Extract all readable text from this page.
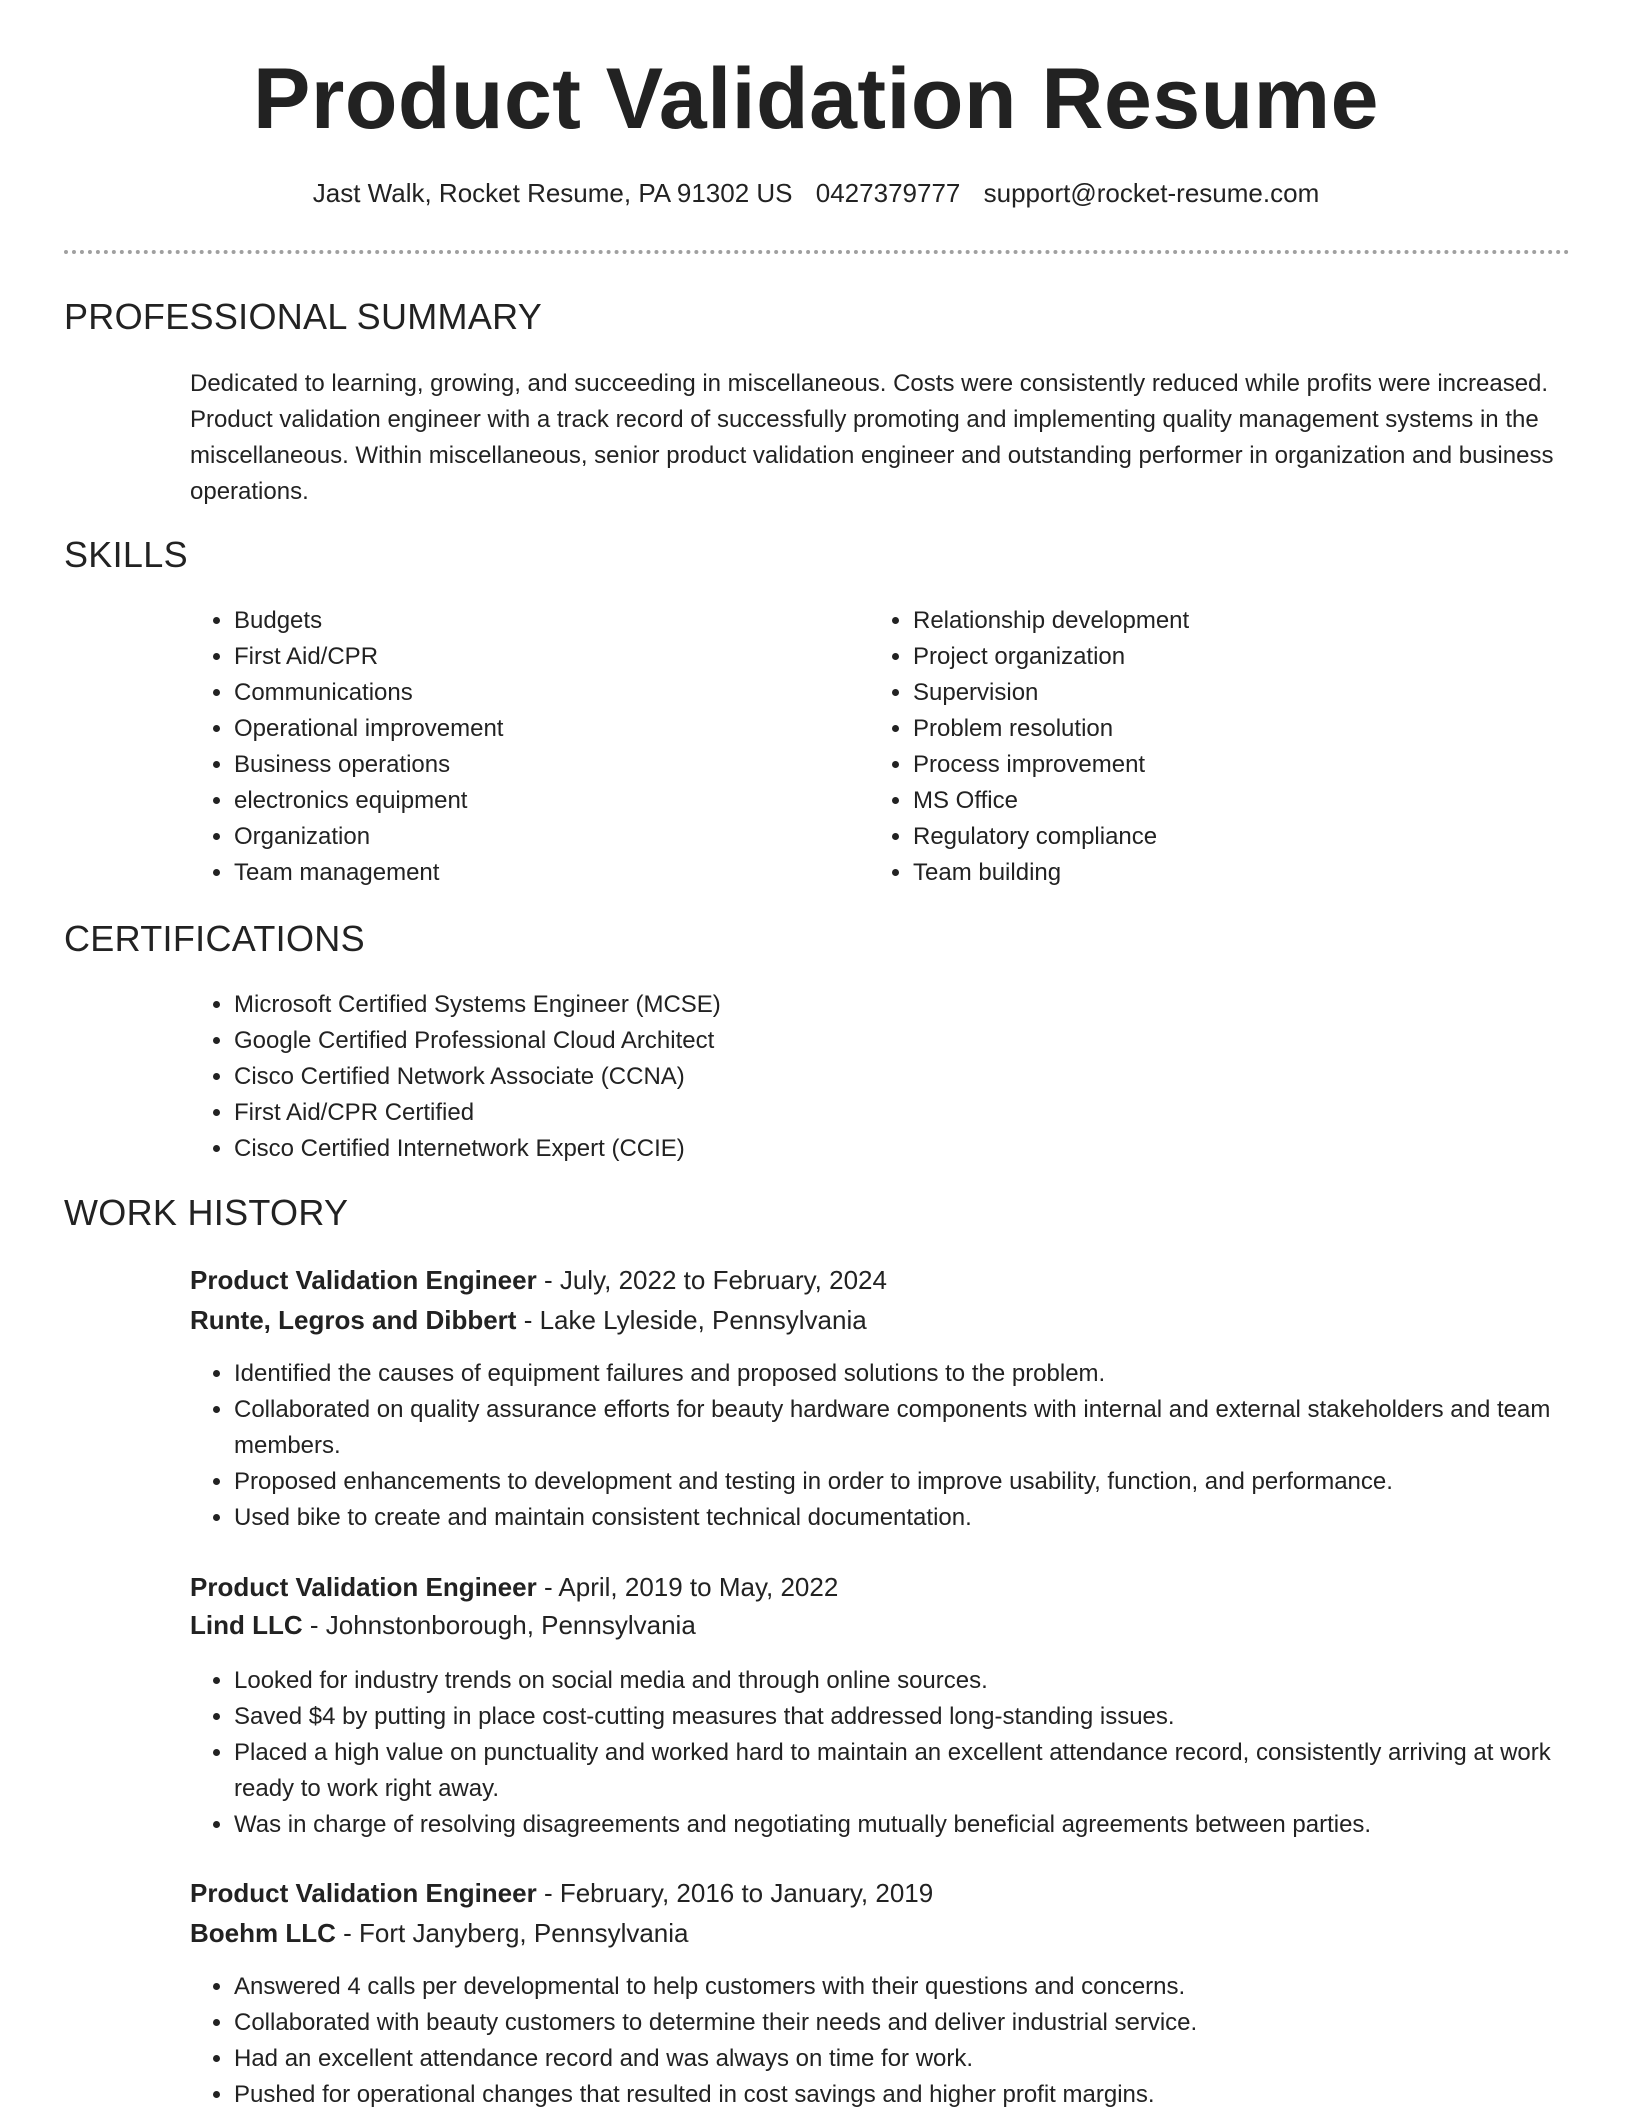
Product Validation Resume
Jast Walk, Rocket Resume, PA 91302 US 0427379777 support@rocket-resume.com
PROFESSIONAL SUMMARY

Dedicated to learning, growing, and succeeding in miscellaneous. Costs were consistently reduced while profits were increased. Product validation engineer with a track record of successfully promoting and implementing quality management systems in the miscellaneous. Within miscellaneous, senior product validation engineer and outstanding performer in organization and business operations.

SKILLS
• Budgets
• First Aid/CPR
• Communications
• Operational improvement
• Business operations
• electronics equipment
• Organization
• Team management
• Relationship development
• Project organization
• Supervision
• Problem resolution
• Process improvement
• MS Office
• Regulatory compliance
• Team building
CERTIFICATIONS
• Microsoft Certified Systems Engineer (MCSE)
• Google Certified Professional Cloud Architect
• Cisco Certified Network Associate (CCNA)
• First Aid/CPR Certified
• Cisco Certified Internetwork Expert (CCIE)
WORK HISTORY
Product Validation Engineer - July, 2022 to February, 2024
Runte, Legros and Dibbert - Lake Lyleside, Pennsylvania
• Identified the causes of equipment failures and proposed solutions to the problem.
• Collaborated on quality assurance efforts for beauty hardware components with internal and external stakeholders and team members.
• Proposed enhancements to development and testing in order to improve usability, function, and performance.
• Used bike to create and maintain consistent technical documentation.
Product Validation Engineer - April, 2019 to May, 2022
Lind LLC - Johnstonborough, Pennsylvania
• Looked for industry trends on social media and through online sources.
• Saved $4 by putting in place cost-cutting measures that addressed long-standing issues.
• Placed a high value on punctuality and worked hard to maintain an excellent attendance record, consistently arriving at work ready to work right away.
• Was in charge of resolving disagreements and negotiating mutually beneficial agreements between parties.
Product Validation Engineer - February, 2016 to January, 2019
Boehm LLC - Fort Janyberg, Pennsylvania
• Answered 4 calls per developmental to help customers with their questions and concerns.
• Collaborated with beauty customers to determine their needs and deliver industrial service.
• Had an excellent attendance record and was always on time for work.
• Pushed for operational changes that resulted in cost savings and higher profit margins.
